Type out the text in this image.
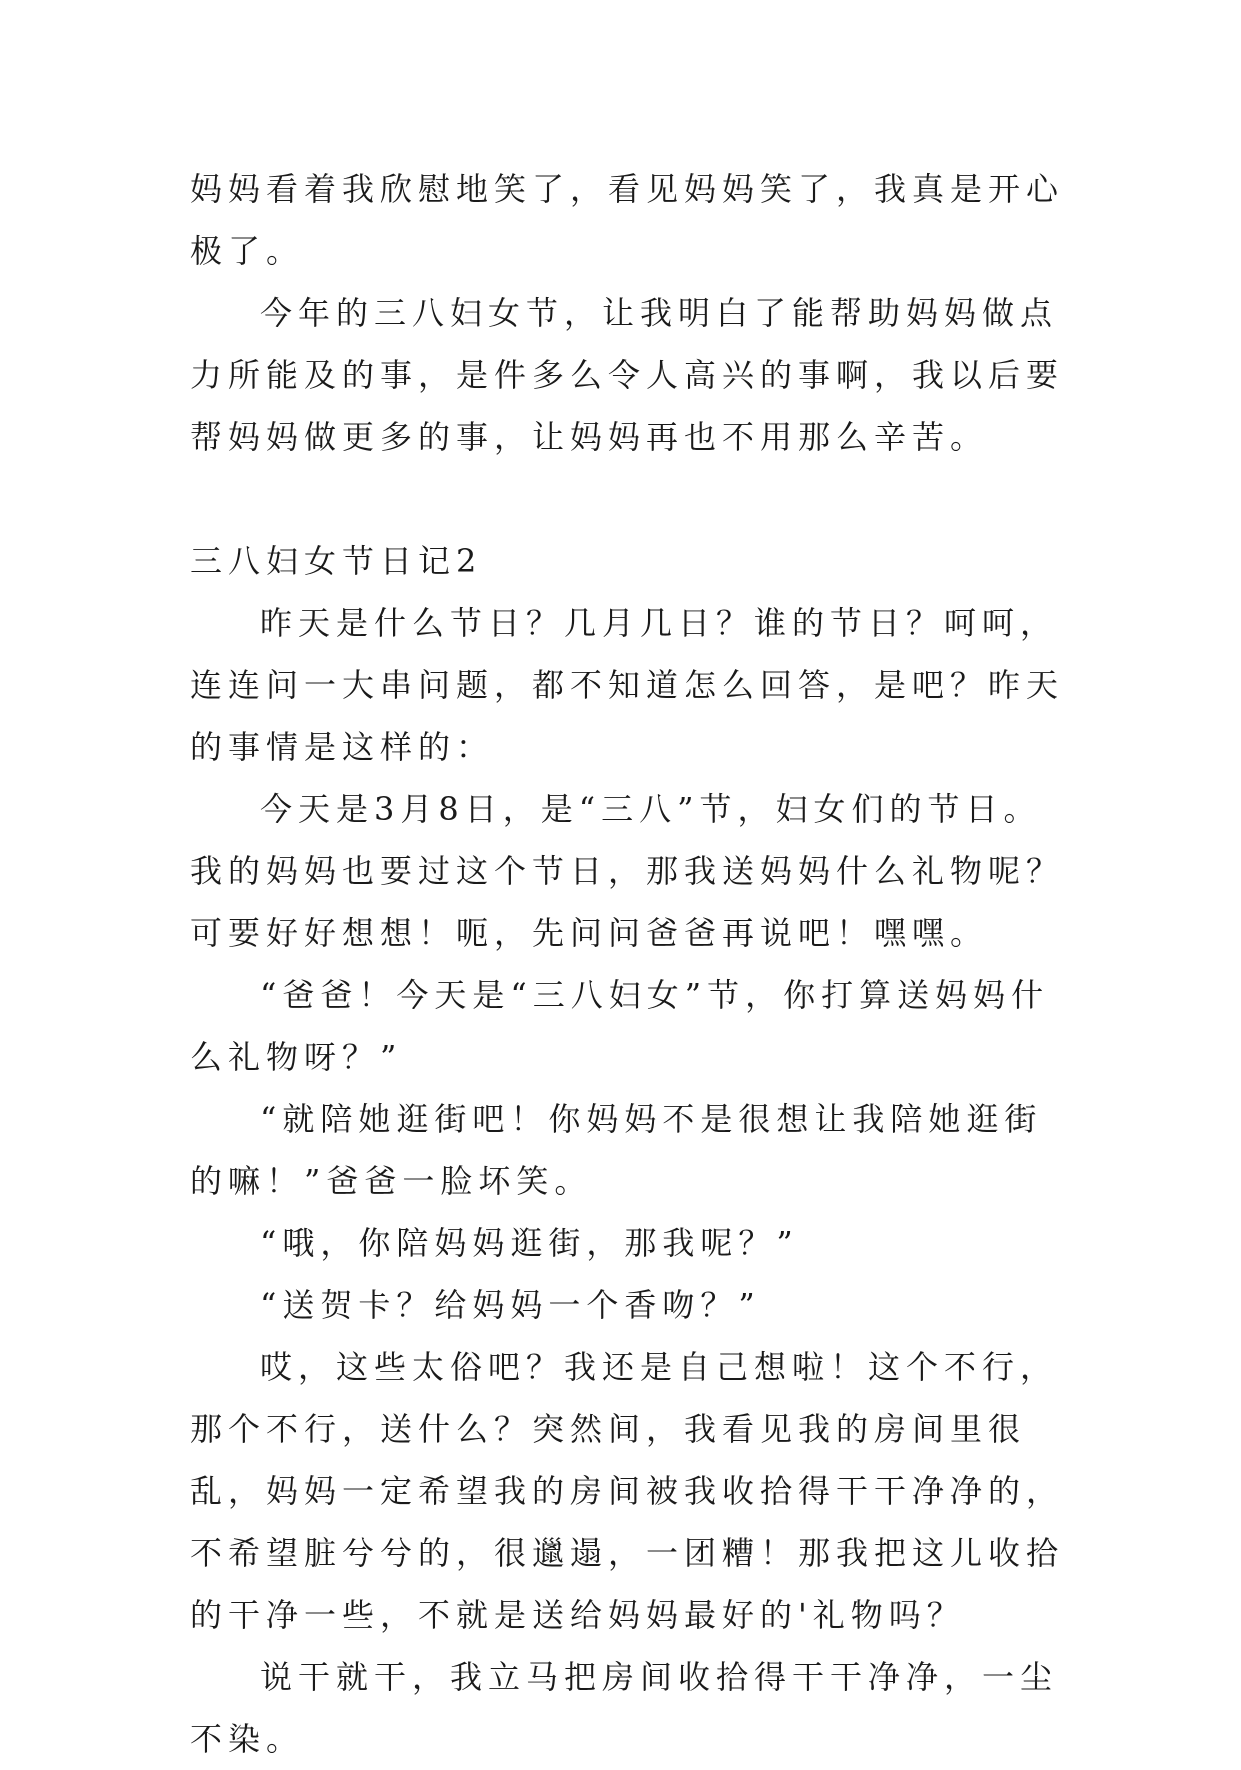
妈妈看着我欣慰地笑了，看见妈妈笑了，我真是开心极了。

今年的三八妇女节，让我明白了能帮助妈妈做点力所能及的事，是件多么令人高兴的事啊，我以后要帮妈妈做更多的事，让妈妈再也不用那么辛苦。

三八妇女节日记2

昨天是什么节日？几月几日？谁的节日？呵呵，连连问一大串问题，都不知道怎么回答，是吧？昨天的事情是这样的：

今天是3月8日，是“三八”节，妇女们的节日。我的妈妈也要过这个节日，那我送妈妈什么礼物呢？可要好好想想！呃，先问问爸爸再说吧！嘿嘿。

“爸爸！今天是“三八妇女”节，你打算送妈妈什么礼物呀？”

“就陪她逛街吧！你妈妈不是很想让我陪她逛街的嘛！”爸爸一脸坏笑。

“哦，你陪妈妈逛街，那我呢？”

“送贺卡？给妈妈一个香吻？”

哎，这些太俗吧？我还是自己想啦！这个不行，那个不行，送什么？突然间，我看见我的房间里很乱，妈妈一定希望我的房间被我收拾得干干净净的，不希望脏兮兮的，很邋遢，一团糟！那我把这儿收拾的干净一些，不就是送给妈妈最好的'礼物吗？

说干就干，我立马把房间收拾得干干净净，一尘不染。
